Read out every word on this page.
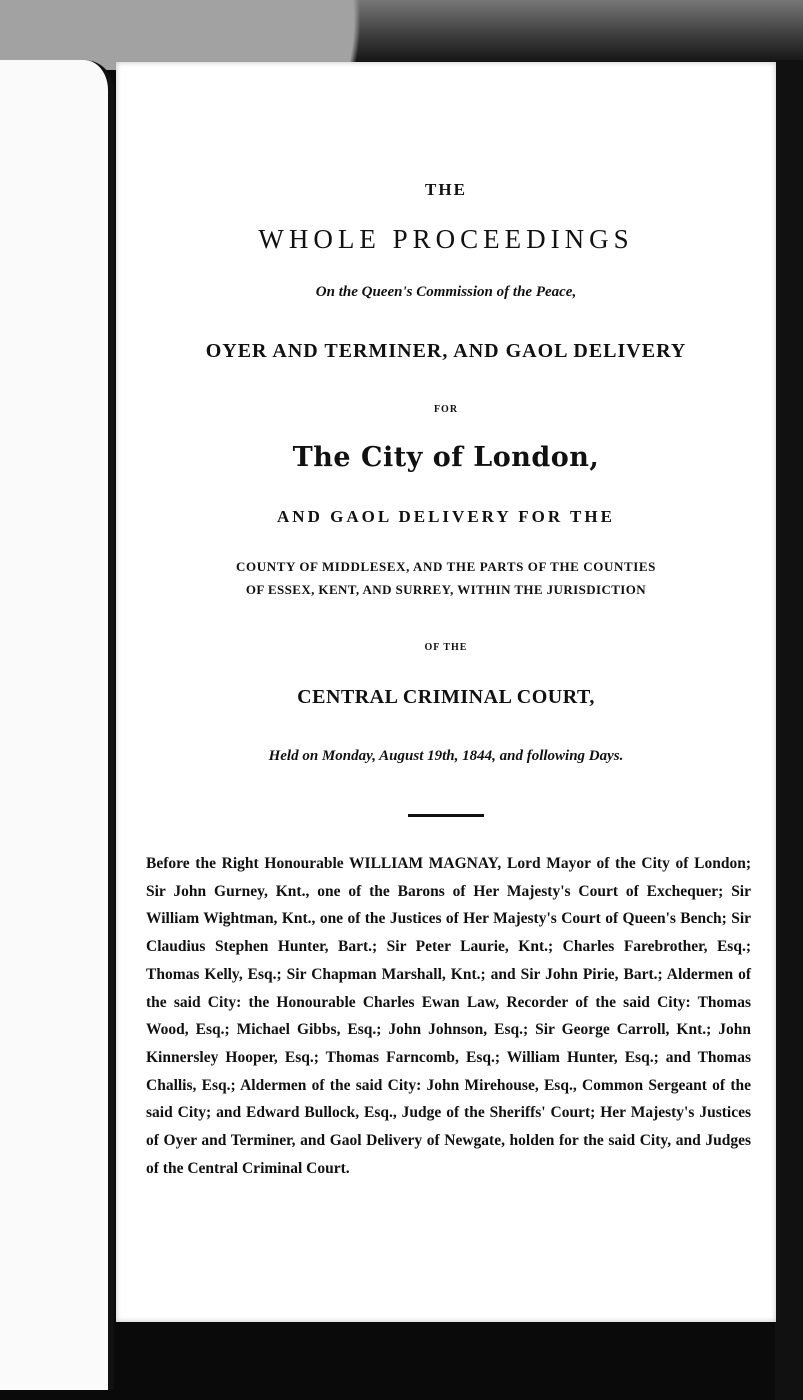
THE
WHOLE PROCEEDINGS
On the Queen's Commission of the Peace,
OYER AND TERMINER, AND GAOL DELIVERY
FOR
The City of London,
AND GAOL DELIVERY FOR THE
COUNTY OF MIDDLESEX, AND THE PARTS OF THE COUNTIES
OF ESSEX, KENT, AND SURREY, WITHIN THE JURISDICTION
OF THE
CENTRAL CRIMINAL COURT,
Held on Monday, August 19th, 1844, and following Days.
Before the Right Honourable WILLIAM MAGNAY, Lord Mayor of the City of London; Sir John Gurney, Knt., one of the Barons of Her Majesty's Court of Exchequer; Sir William Wightman, Knt., one of the Justices of Her Majesty's Court of Queen's Bench; Sir Claudius Stephen Hunter, Bart.; Sir Peter Laurie, Knt.; Charles Farebrother, Esq.; Thomas Kelly, Esq.; Sir Chapman Marshall, Knt.; and Sir John Pirie, Bart.; Aldermen of the said City: the Honourable Charles Ewan Law, Recorder of the said City: Thomas Wood, Esq.; Michael Gibbs, Esq.; John Johnson, Esq.; Sir George Carroll, Knt.; John Kinnersley Hooper, Esq.; Thomas Farncomb, Esq.; William Hunter, Esq.; and Thomas Challis, Esq.; Aldermen of the said City: John Mirehouse, Esq., Common Sergeant of the said City; and Edward Bullock, Esq., Judge of the Sheriffs' Court; Her Majesty's Justices of Oyer and Terminer, and Gaol Delivery of Newgate, holden for the said City, and Judges of the Central Criminal Court.
